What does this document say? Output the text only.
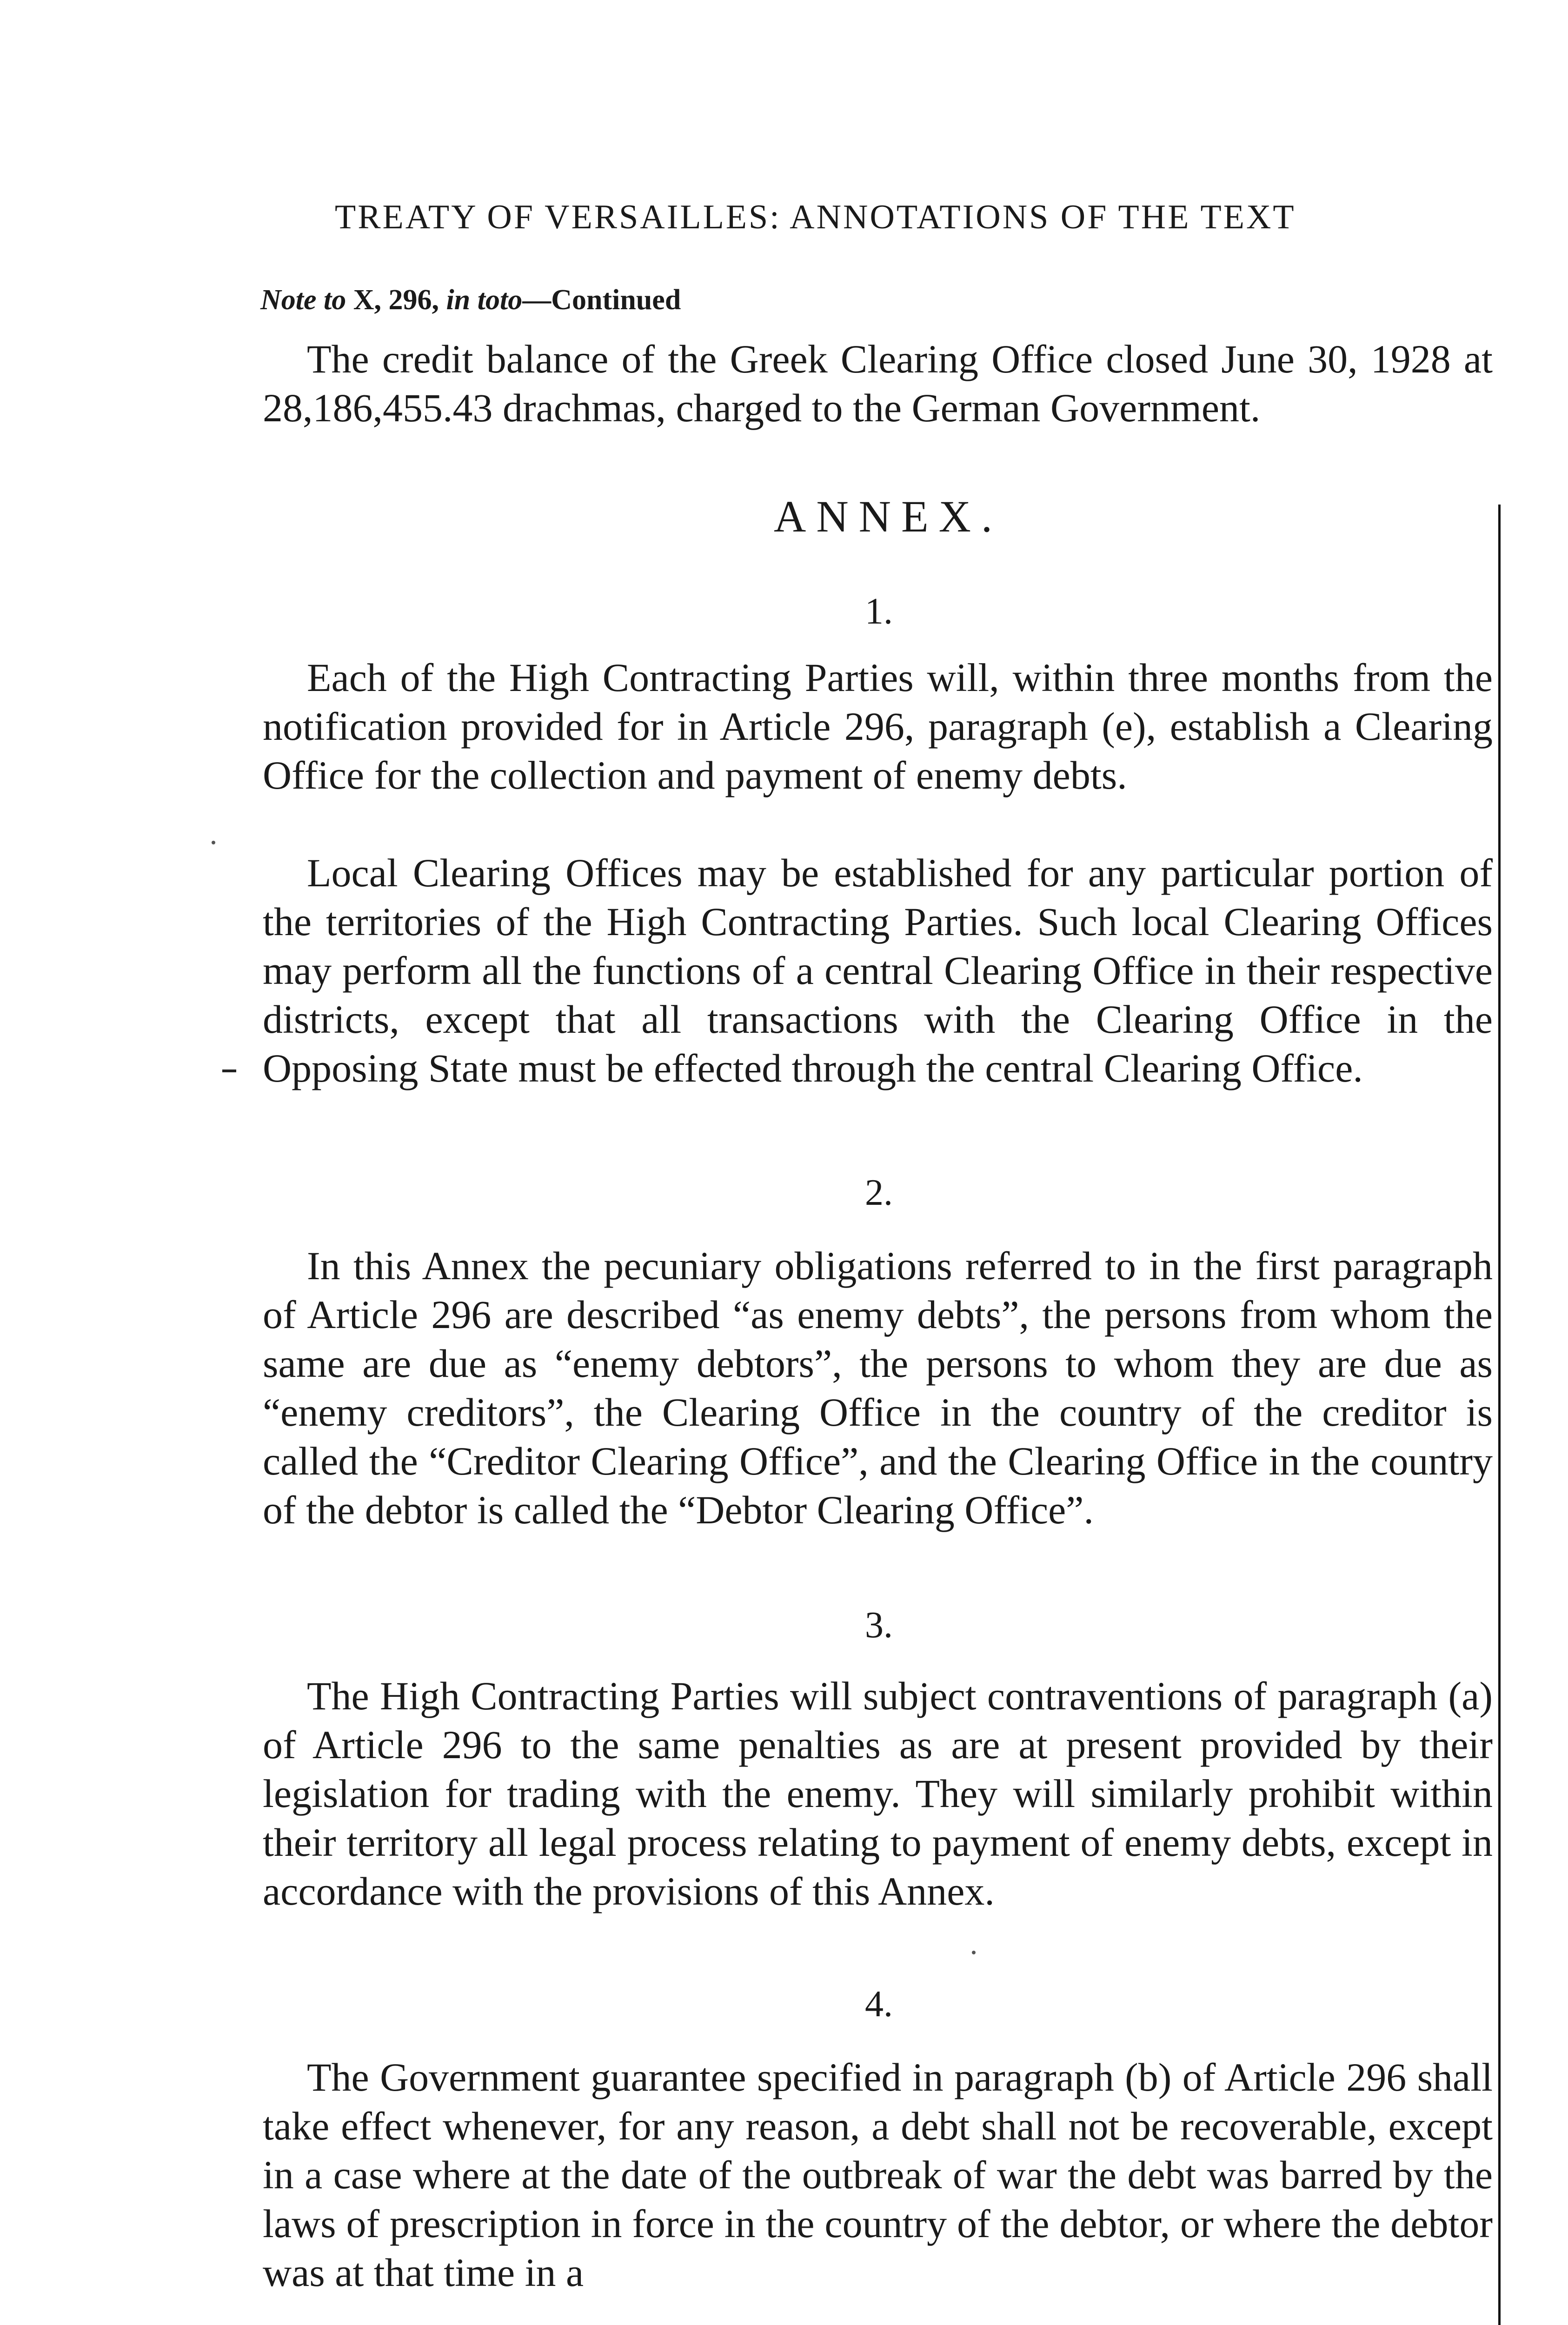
TREATY OF VERSAILLES: ANNOTATIONS OF THE TEXT
Note to X, 296, in toto—Continued

The credit balance of the Greek Clearing Office closed June 30, 1928 at 28,186,455.43 drachmas, charged to the German Government.

ANNEX.
1.

Each of the High Contracting Parties will, within three months from the notification provided for in Article 296, paragraph (e), establish a Clearing Office for the collection and payment of enemy debts.

Local Clearing Offices may be established for any particular portion of the territories of the High Contracting Parties. Such local Clearing Offices may perform all the functions of a central Clearing Office in their respective districts, except that all transactions with the Clearing Office in the Opposing State must be effected through the central Clearing Office.

2.

In this Annex the pecuniary obligations referred to in the first paragraph of Article 296 are described “as enemy debts”, the persons from whom the same are due as “enemy debtors”, the persons to whom they are due as “enemy creditors”, the Clearing Office in the country of the creditor is called the “Creditor Clearing Office”, and the Clearing Office in the country of the debtor is called the “Debtor Clearing Office”.

3.

The High Contracting Parties will subject contraventions of paragraph (a) of Article 296 to the same penalties as are at present provided by their legislation for trading with the enemy. They will similarly prohibit within their territory all legal process relating to payment of enemy debts, except in accordance with the provisions of this Annex.

4.

The Government guarantee specified in paragraph (b) of Article 296 shall take effect whenever, for any reason, a debt shall not be recoverable, except in a case where at the date of the outbreak of war the debt was barred by the laws of prescription in force in the country of the debtor, or where the debtor was at that time in a
